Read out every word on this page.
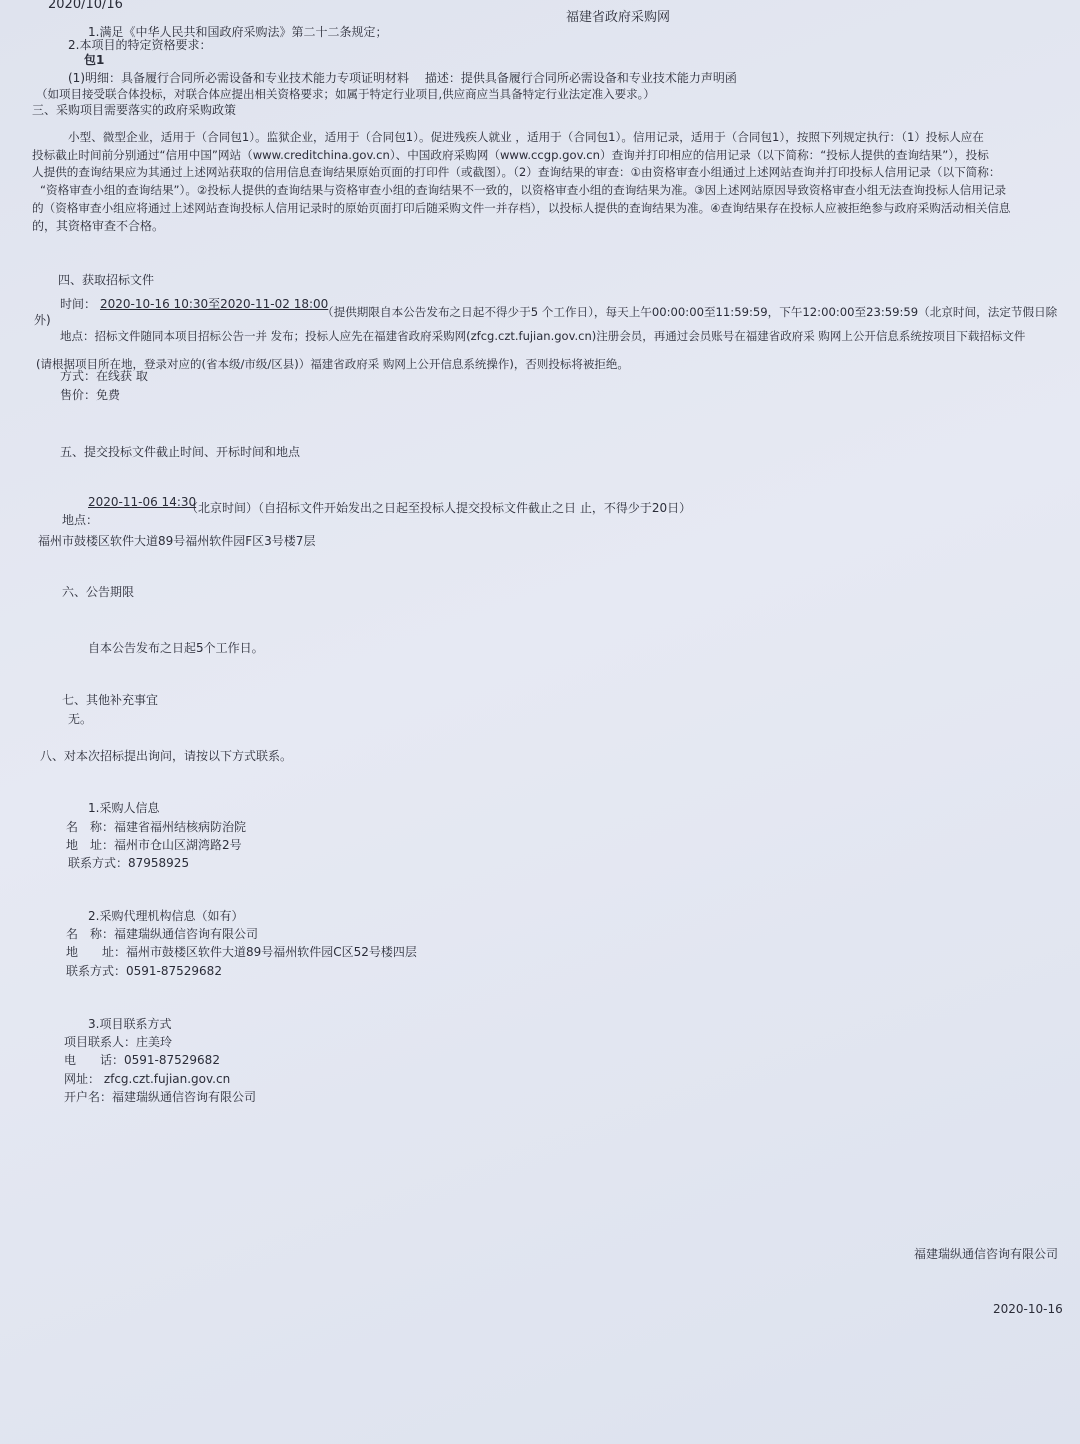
2020/10/16
福建省政府采购网
1.满足《中华人民共和国政府采购法》第二十二条规定；
2.本项目的特定资格要求：
包1
(1)明细：具备履行合同所必需设备和专业技术能力专项证明材料　 描述：提供具备履行合同所必需设备和专业技术能力声明函
（如项目接受联合体投标，对联合体应提出相关资格要求；如属于特定行业项目,供应商应当具备特定行业法定准入要求。）
三、采购项目需要落实的政府采购政策
小型、微型企业，适用于（合同包1）。监狱企业，适用于（合同包1）。促进残疾人就业 ，适用于（合同包1）。信用记录，适用于（合同包1），按照下列规定执行：（1）投标人应在
投标截止时间前分别通过“信用中国”网站（www.creditchina.gov.cn）、中国政府采购网（www.ccgp.gov.cn）查询并打印相应的信用记录（以下简称：“投标人提供的查询结果”），投标
人提供的查询结果应为其通过上述网站获取的信用信息查询结果原始页面的打印件（或截图）。（2）查询结果的审查：①由资格审查小组通过上述网站查询并打印投标人信用记录（以下简称：
“资格审查小组的查询结果”）。②投标人提供的查询结果与资格审查小组的查询结果不一致的，以资格审查小组的查询结果为准。③因上述网站原因导致资格审查小组无法查询投标人信用记录
的（资格审查小组应将通过上述网站查询投标人信用记录时的原始页面打印后随采购文件一并存档），以投标人提供的查询结果为准。④查询结果存在投标人应被拒绝参与政府采购活动相关信息
的，其资格审查不合格。
四、获取招标文件
时间： 2020-10-16 10:30至2020-11-02 18:00
（提供期限自本公告发布之日起不得少于5 个工作日），每天上午00:00:00至11:59:59，下午12:00:00至23:59:59（北京时间，法定节假日除
外)
地点：招标文件随同本项目招标公告一并 发布；投标人应先在福建省政府采购网(zfcg.czt.fujian.gov.cn)注册会员，再通过会员账号在福建省政府采 购网上公开信息系统按项目下载招标文件
(请根据项目所在地，登录对应的(省本级/市级/区县)）福建省政府采 购网上公开信息系统操作)，否则投标将被拒绝。
方式：在线获 取
售价：免费
五、提交投标文件截止时间、开标时间和地点
2020-11-06 14:30
（北京时间）（自招标文件开始发出之日起至投标人提交投标文件截止之日 止，不得少于20日）
地点：
福州市鼓楼区软件大道89号福州软件园F区3号楼7层
六、公告期限
自本公告发布之日起5个工作日。
七、其他补充事宜
无。
八、对本次招标提出询问，请按以下方式联系。
1.采购人信息
名　称：福建省福州结核病防治院
地　址：福州市仓山区湖湾路2号
联系方式：87958925
2.采购代理机构信息（如有）
名　称：福建瑞纵通信咨询有限公司
地　　址：福州市鼓楼区软件大道89号福州软件园C区52号楼四层
联系方式：0591-87529682
3.项目联系方式
项目联系人：庄美玲
电　　话：0591-87529682
网址： zfcg.czt.fujian.gov.cn
开户名：福建瑞纵通信咨询有限公司
福建瑞纵通信咨询有限公司
2020-10-16
